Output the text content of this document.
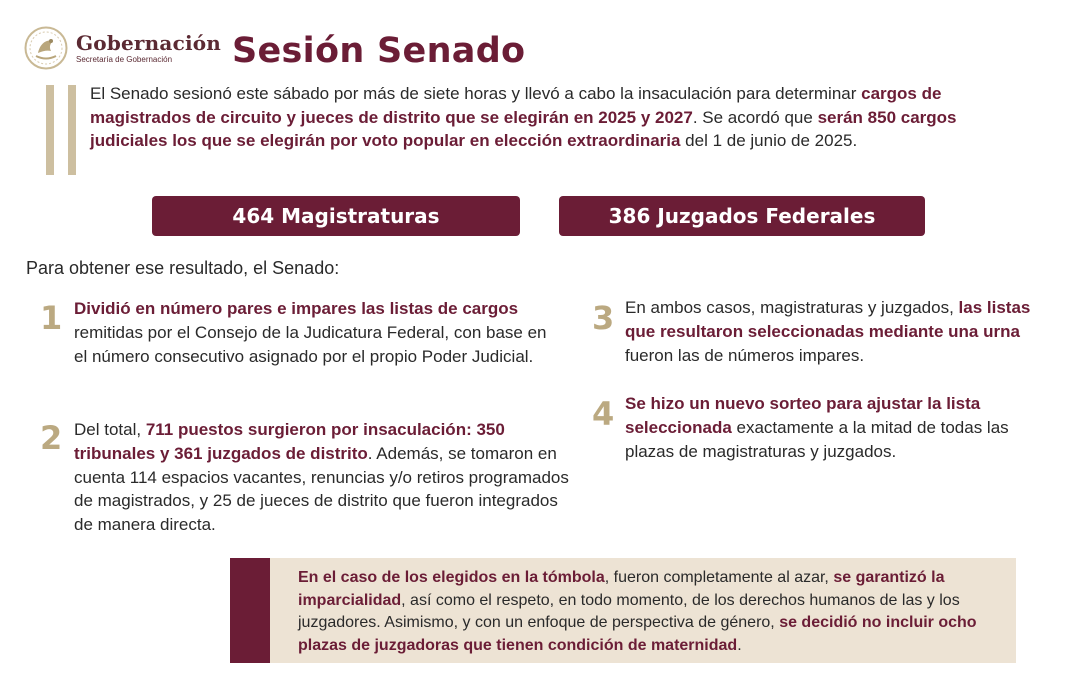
Gobernación
Secretaría de Gobernación	Sesión Senado
El Senado sesionó este sábado por más de siete horas y llevó a cabo la insaculación para determinar cargos de magistrados de circuito y jueces de distrito que se elegirán en 2025 y 2027. Se acordó que serán 850 cargos judiciales los que se elegirán por voto popular en elección extraordinaria del 1 de junio de 2025.
464 Magistraturas	386 Juzgados Federales
Para obtener ese resultado, el Senado:
1 Dividió en número pares e impares las listas de cargos remitidas por el Consejo de la Judicatura Federal, con base en el número consecutivo asignado por el propio Poder Judicial.
2 Del total, 711 puestos surgieron por insaculación: 350 tribunales y 361 juzgados de distrito. Además, se tomaron en cuenta 114 espacios vacantes, renuncias y/o retiros programados de magistrados, y 25 de jueces de distrito que fueron integrados de manera directa.
3 En ambos casos, magistraturas y juzgados, las listas que resultaron seleccionadas mediante una urna fueron las de números impares.
4 Se hizo un nuevo sorteo para ajustar la lista seleccionada exactamente a la mitad de todas las plazas de magistraturas y juzgados.
En el caso de los elegidos en la tómbola, fueron completamente al azar, se garantizó la imparcialidad, así como el respeto, en todo momento, de los derechos humanos de las y los juzgadores. Asimismo, y con un enfoque de perspectiva de género, se decidió no incluir ocho plazas de juzgadoras que tienen condición de maternidad.
